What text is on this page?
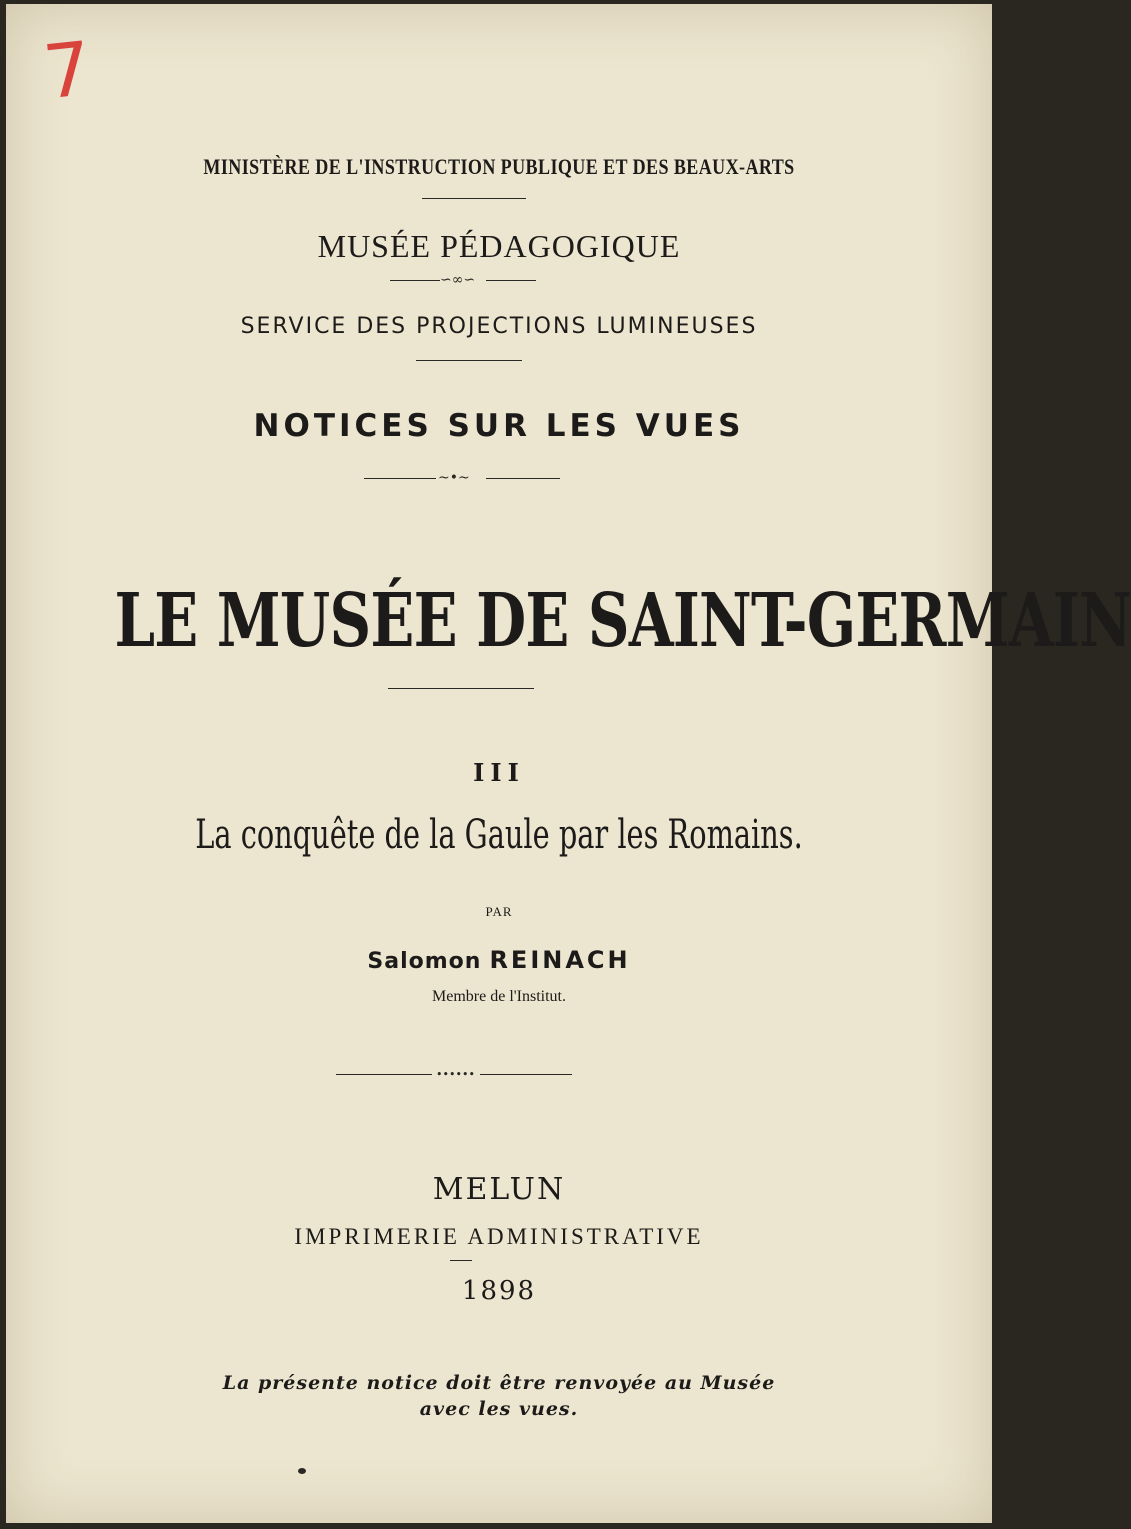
7
MINISTÈRE DE L'INSTRUCTION PUBLIQUE ET DES BEAUX-ARTS
MUSÉE PÉDAGOGIQUE
∽∞∽
SERVICE DES PROJECTIONS LUMINEUSES
NOTICES SUR LES VUES
~•~
LE MUSÉE DE SAINT-GERMAIN
III
La conquête de la Gaule par les Romains.
PAR
Salomon REINACH
Membre de l'Institut.
••••••
MELUN
IMPRIMERIE ADMINISTRATIVE
1898
La présente notice doit être renvoyée au Musée
avec les vues.
